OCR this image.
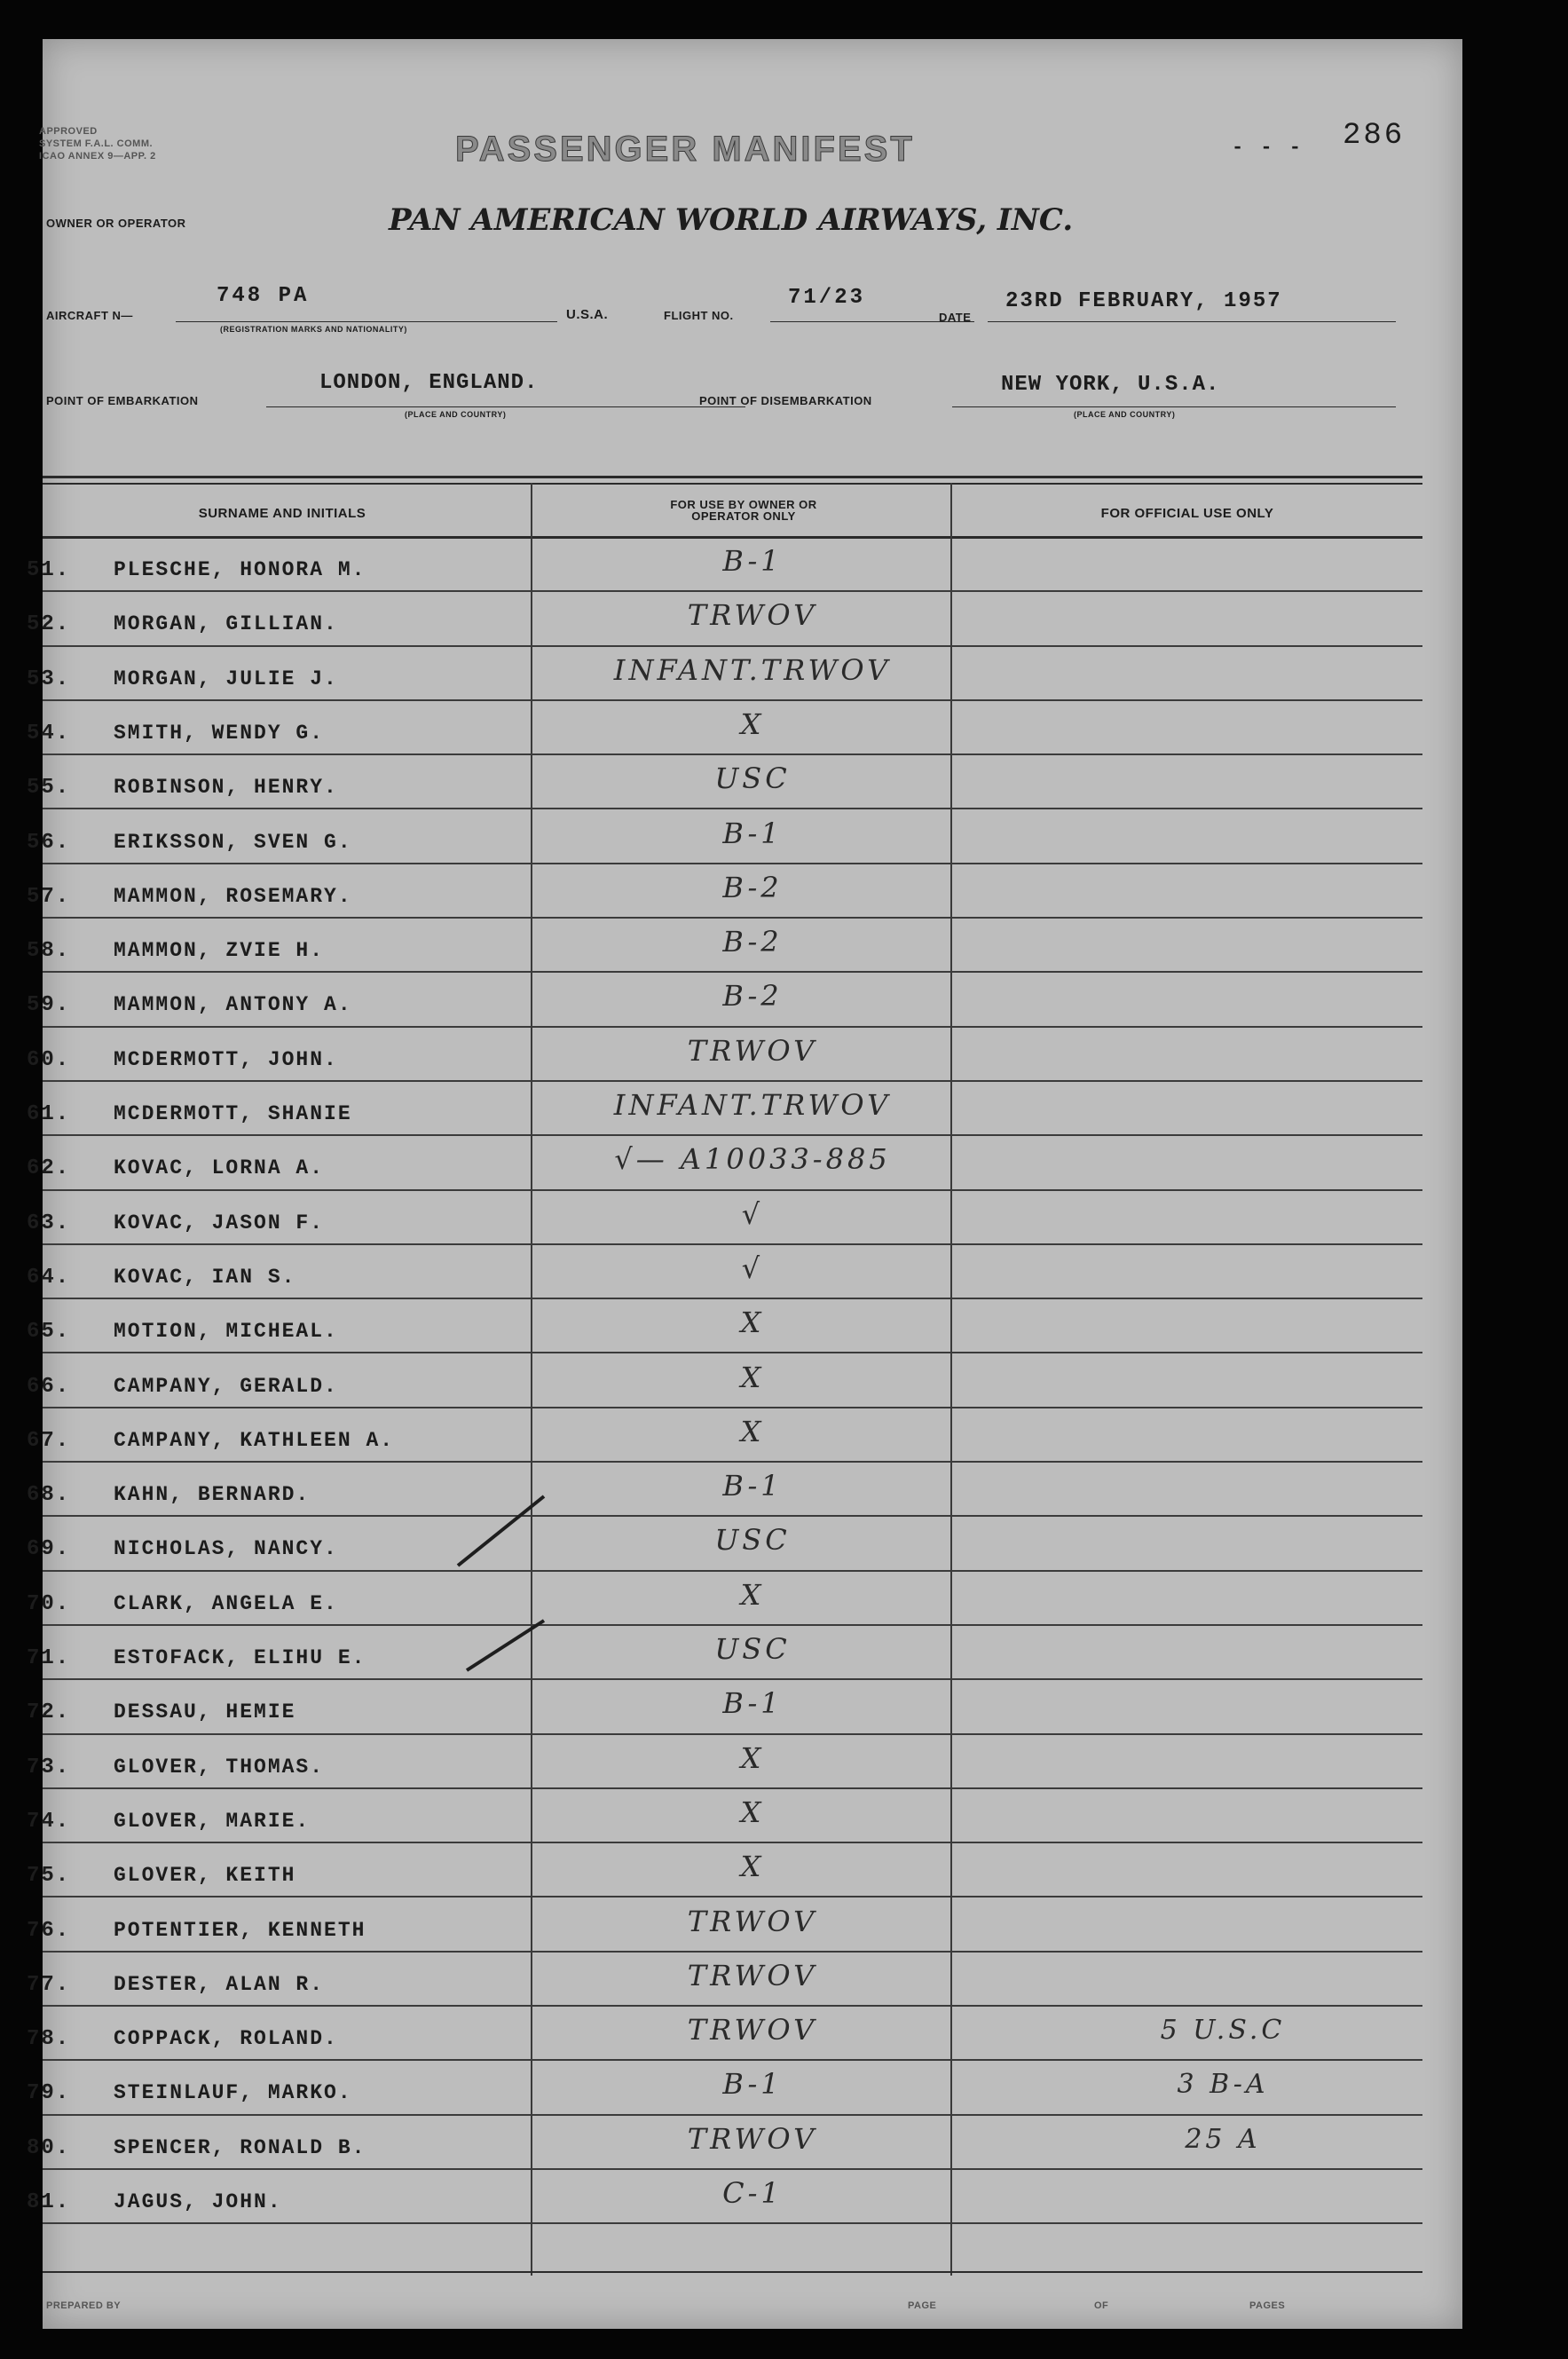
APPROVED
SYSTEM F.A.L. COMM.
ICAO ANNEX 9—APP. 2	PASSENGER MANIFEST	- - - 286
OWNER OR OPERATOR	PAN AMERICAN WORLD AIRWAYS, INC.
AIRCRAFT N—
748 PA
(REGISTRATION MARKS AND NATIONALITY)
U.S.A.	FLIGHT NO.
71/23
DATE
23RD FEBRUARY, 1957
POINT OF EMBARKATION
LONDON, ENGLAND.
(PLACE AND COUNTRY)
POINT OF DISEMBARKATION
NEW YORK, U.S.A.
(PLACE AND COUNTRY)
SURNAME AND INITIALS
FOR USE BY OWNER OR OPERATOR ONLY	FOR OFFICIAL USE ONLY
51.	PLESCHE, HONORA M.	B-1
52.	MORGAN, GILLIAN.	TRWOV
53.	MORGAN, JULIE J.	INFANT.TRWOV
54.	SMITH, WENDY G.	X
55.	ROBINSON, HENRY.	USC
56.	ERIKSSON, SVEN G.	B-1
57.	MAMMON, ROSEMARY.	B-2
58.	MAMMON, ZVIE H.	B-2
59.	MAMMON, ANTONY A.	B-2
60.	MCDERMOTT, JOHN.	TRWOV
61.	MCDERMOTT, SHANIE	INFANT.TRWOV
62.	KOVAC, LORNA A.	√— A10033-885
63.	KOVAC, JASON F.	√
64.	KOVAC, IAN S.	√
65.	MOTION, MICHEAL.	X
66.	CAMPANY, GERALD.	X
67.	CAMPANY, KATHLEEN A.	X
68.	KAHN, BERNARD.	B-1
69.	NICHOLAS, NANCY.	USC
70.	CLARK, ANGELA E.	X
71.	ESTOFACK, ELIHU E.	USC
72.	DESSAU, HEMIE	B-1
73.	GLOVER, THOMAS.	X
74.	GLOVER, MARIE.	X
75.	GLOVER, KEITH	X
76.	POTENTIER, KENNETH	TRWOV
77.	DESTER, ALAN R.	TRWOV
78.	COPPACK, ROLAND.	TRWOV	5 U.S.C
79.	STEINLAUF, MARKO.	B-1	3 B-A
80.	SPENCER, RONALD B.	TRWOV	25 A
81.	JAGUS, JOHN.	C-1
PREPARED BY	PAGE	OF	PAGES
